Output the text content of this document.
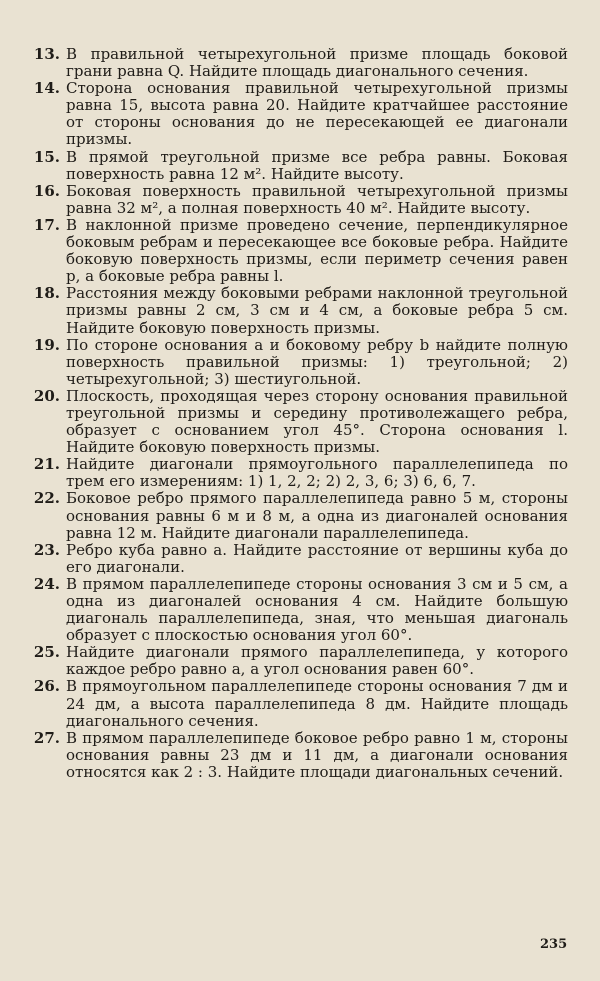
13. В правильной четырехугольной призме площадь боковой грани равна Q. Найдите площадь диагонального сечения.

14. Сторона основания правильной четырехугольной призмы равна 15, высота равна 20. Найдите кратчайшее расстояние от стороны основания до не пересекающей ее диагонали призмы.

15. В прямой треугольной призме все ребра равны. Боковая поверхность равна 12 м². Найдите высоту.

16. Боковая поверхность правильной четырехугольной призмы равна 32 м², а полная поверхность 40 м². Найдите высоту.

17. В наклонной призме проведено сечение, перпендикулярное боковым ребрам и пересекающее все боковые ребра. Найдите боковую поверхность призмы, если периметр сечения равен p, а боковые ребра равны l.

18. Расстояния между боковыми ребрами наклонной треугольной призмы равны 2 см, 3 см и 4 см, а боковые ребра 5 см. Найдите боковую поверхность призмы.

19. По стороне основания a и боковому ребру b найдите полную поверхность правильной призмы: 1) треугольной; 2) четырехугольной; 3) шестиугольной.

20. Плоскость, проходящая через сторону основания правильной треугольной призмы и середину противолежащего ребра, образует с основанием угол 45°. Сторона основания l. Найдите боковую поверхность призмы.

21. Найдите диагонали прямоугольного параллелепипеда по трем его измерениям: 1) 1, 2, 2; 2) 2, 3, 6; 3) 6, 6, 7.

22. Боковое ребро прямого параллелепипеда равно 5 м, стороны основания равны 6 м и 8 м, а одна из диагоналей основания равна 12 м. Найдите диагонали параллелепипеда.

23. Ребро куба равно a. Найдите расстояние от вершины куба до его диагонали.

24. В прямом параллелепипеде стороны основания 3 см и 5 см, а одна из диагоналей основания 4 см. Найдите большую диагональ параллелепипеда, зная, что меньшая диагональ образует с плоскостью основания угол 60°.

25. Найдите диагонали прямого параллелепипеда, у которого каждое ребро равно a, а угол основания равен 60°.

26. В прямоугольном параллелепипеде стороны основания 7 дм и 24 дм, а высота параллелепипеда 8 дм. Найдите площадь диагонального сечения.

27. В прямом параллелепипеде боковое ребро равно 1 м, стороны основания равны 23 дм и 11 дм, а диагонали основания относятся как 2 : 3. Найдите площади диагональных сечений.

235
